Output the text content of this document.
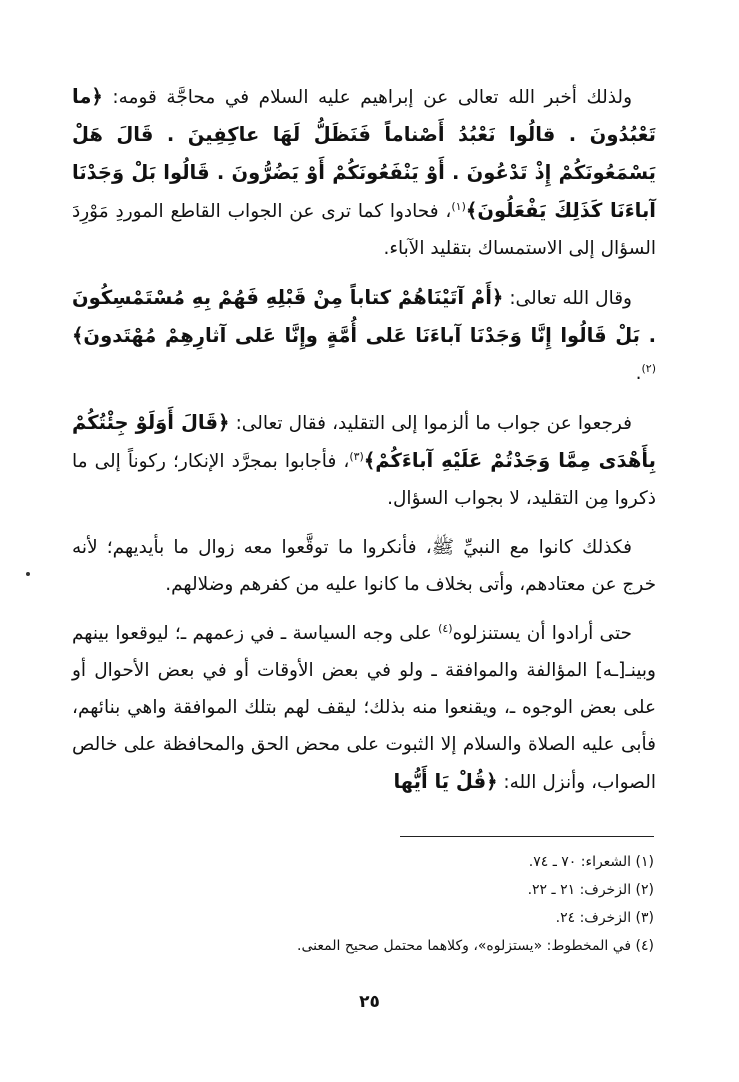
ولذلك أخبر الله تعالى عن إبراهيم عليه السلام في محاجَّة قومه: ﴿ما تَعْبُدُونَ . قالُوا نَعْبُدُ أَصْناماً فَنَظَلُّ لَهَا عاكِفِينَ . قَالَ هَلْ يَسْمَعُونَكُمْ إِذْ تَدْعُونَ . أَوْ يَنْفَعُونَكُمْ أَوْ يَضُرُّونَ . قَالُوا بَلْ وَجَدْنَا آباءَنَا كَذَلِكَ يَفْعَلُونَ﴾$^{(١)}$، فحادوا كما ترى عن الجواب القاطع الموردِ مَوْرِدَ السؤال إلى الاستمساك بتقليد الآباء.

وقال الله تعالى: ﴿أَمْ آتَيْنَاهُمْ كتاباً مِنْ قَبْلِهِ فَهُمْ بِهِ مُسْتَمْسِكُونَ . بَلْ قَالُوا إِنَّا وَجَدْنَا آباءَنَا عَلى أُمَّةٍ وإِنَّا عَلى آثارِهِمْ مُهْتَدونَ﴾$^{(٢)}$.

فرجعوا عن جواب ما ألزموا إلى التقليد، فقال تعالى: ﴿قَالَ أَوَلَوْ جِئْتُكُمْ بِأَهْدَى مِمَّا وَجَدْتُمْ عَلَيْهِ آباءَكُمْ﴾$^{(٣)}$، فأجابوا بمجرَّد الإنكار؛ ركوناً إلى ما ذكروا مِن التقليد، لا بجواب السؤال.

فكذلك كانوا مع النبيِّ ﷺ، فأنكروا ما توقَّعوا معه زوال ما بأيديهم؛ لأنه خرج عن معتادهم، وأتى بخلاف ما كانوا عليه من كفرهم وضلالهم.

حتى أرادوا أن يستنزلوه$^{(٤)}$ على وجه السياسة ـ في زعمهم ـ؛ ليوقعوا بينهم وبينـ[ـه] المؤالفة والموافقة ـ ولو في بعض الأوقات أو في بعض الأحوال أو على بعض الوجوه ـ، ويقنعوا منه بذلك؛ ليقف لهم بتلك الموافقة واهي بنائهم، فأبى عليه الصلاة والسلام إلا الثبوت على محض الحق والمحافظة على خالص الصواب، وأنزل الله: ﴿قُلْ يَا أَيُّها

(١) الشعراء: ٧٠ ـ ٧٤.

(٢) الزخرف: ٢١ ـ ٢٢.

(٣) الزخرف: ٢٤.

(٤) في المخطوط: «يستزلوه»، وكلاهما محتمل صحيح المعنى.

٢٥
